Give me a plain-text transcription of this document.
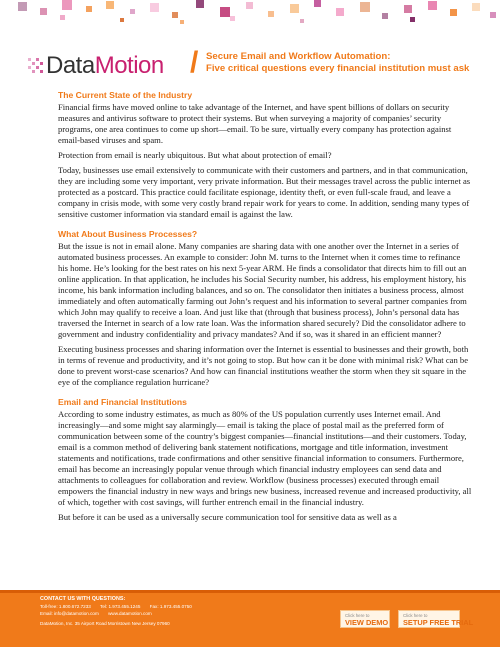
DataMotion / Secure Email and Workflow Automation:
Five critical questions every financial institution must ask
The Current State of the Industry

Financial firms have moved online to take advantage of the Internet, and have spent billions of dollars on security measures and antivirus software to protect their systems. But when surveying a majority of companies’ security programs, one area continues to come up short—email. To be sure, virtually every company has protection against email-based viruses and spam.

Protection from email is nearly ubiquitous. But what about protection of email?

Today, businesses use email extensively to communicate with their customers and partners, and in that communication, they are including some very important, very private information. But their messages travel across the public internet as protected as a postcard. This practice could facilitate espionage, identity theft, or even full-scale fraud, and leave a company in crisis mode, with some very costly brand repair work for years to come. In addition, sending many types of sensitive customer information via standard email is against the law.

What About Business Processes?

But the issue is not in email alone. Many companies are sharing data with one another over the Internet in a series of automated business processes. An example to consider: John M. turns to the Internet when it comes time to refinance his home. He’s looking for the best rates on his next 5-year ARM. He finds a consolidator that directs him to fill out an online application. In that application, he includes his Social Security number, his address, his employment history, his income, his bank information including balances, and so on. The consolidator then initiates a business process, almost immediately and often automatically farming out John’s request and his information to several partner companies from which John may qualify to receive a loan. And just like that (through that business process), John’s personal data has traversed the Internet in search of a low rate loan. Was the information shared securely? Did the consolidator adhere to government and industry confidentiality and privacy mandates? And if so, was it shared in an efficient manner?

Executing business processes and sharing information over the Internet is essential to businesses and their growth, both in terms of revenue and productivity, and it’s not going to stop. But how can it be done with minimal risk? What can be done to prevent worst-case scenarios? And how can financial institutions weather the storm when they sit square in the eye of the compliance regulation hurricane?

Email and Financial Institutions

According to some industry estimates, as much as 80% of the US population currently uses Internet email. And increasingly—and some might say alarmingly— email is taking the place of postal mail as the preferred form of communication between some of the country’s biggest companies—financial institutions—and their customers. Today, email is a common method of delivering bank statement notifications, mortgage and title information, investment statements and notifications, trade confirmations and other sensitive financial information to consumers. Furthermore, email has become an increasingly popular venue through which financial industry employees can send data and attachments to colleagues for collaboration and review. Workflow (business processes) executed through email empowers the financial industry in new ways and brings new business, increased revenue and increased productivity, all of which, together with cost savings, will further entrench email in the financial industry.

But before it can be used as a universally secure communication tool for sensitive data as well as a

CONTACT US WITH QUESTIONS:
Toll-free: 1.800.672.7233 Tel: 1.973.455.1245 Fax: 1.973.455.0750
Email: info@datamotion.com www.datamotion.com
DataMotion, Inc. 35 Airport Road Morristown New Jersey 07960
Click here to
VIEW DEMO
Click here to
SETUP FREE TRIAL
